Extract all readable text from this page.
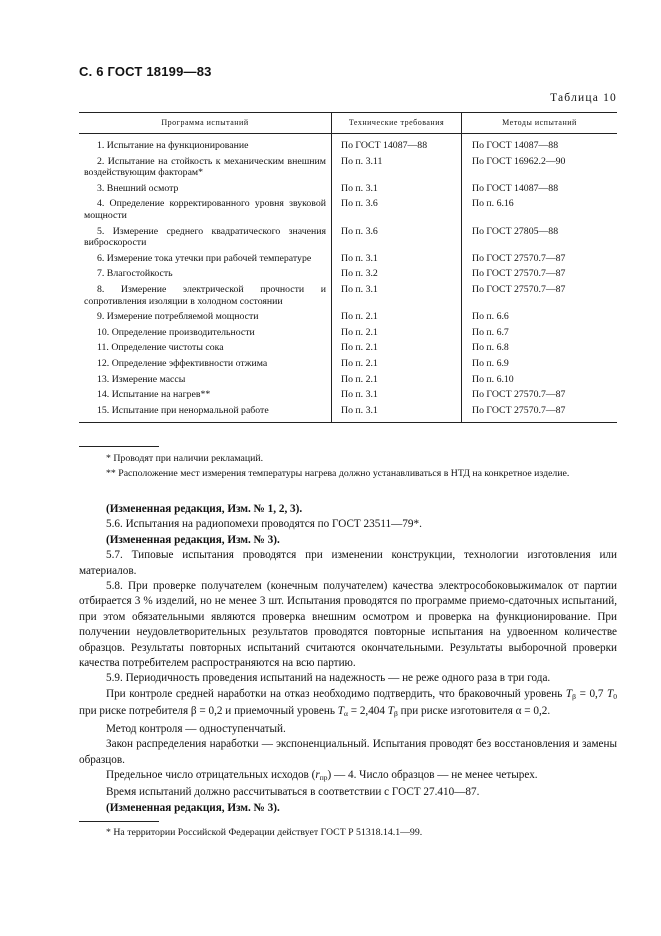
С. 6 ГОСТ 18199—83
Таблица 10
Программа испытаний	Технические требования	Методы испытаний
1. Испытание на функционирование	По ГОСТ 14087—88	По ГОСТ 14087—88
2. Испытание на стойкость к механическим внешним воздействующим факторам*	По п. 3.11	По ГОСТ 16962.2—90
3. Внешний осмотр	По п. 3.1	По ГОСТ 14087—88
4. Определение корректированного уровня звуковой мощности	По п. 3.6	По п. 6.16
5. Измерение среднего квадратического значения виброскорости	По п. 3.6	По ГОСТ 27805—88
6. Измерение тока утечки при рабочей температуре	По п. 3.1	По ГОСТ 27570.7—87
7. Влагостойкость	По п. 3.2	По ГОСТ 27570.7—87
8. Измерение электрической прочности и сопротивления изоляции в холодном состоянии	По п. 3.1	По ГОСТ 27570.7—87
9. Измерение потребляемой мощности	По п. 2.1	По п. 6.6
10. Определение производительности	По п. 2.1	По п. 6.7
11. Определение чистоты сока	По п. 2.1	По п. 6.8
12. Определение эффективности отжима	По п. 2.1	По п. 6.9
13. Измерение массы	По п. 2.1	По п. 6.10
14. Испытание на нагрев**	По п. 3.1	По ГОСТ 27570.7—87
15. Испытание при ненормальной работе	По п. 3.1	По ГОСТ 27570.7—87

* Проводят при наличии рекламаций.

** Расположение мест измерения температуры нагрева должно устанавливаться в НТД на конкретное изделие.

(Измененная редакция, Изм. № 1, 2, 3).

5.6. Испытания на радиопомехи проводятся по ГОСТ 23511—79*.

(Измененная редакция, Изм. № 3).

5.7. Типовые испытания проводятся при изменении конструкции, технологии изготовления или материалов.

5.8. При проверке получателем (конечным получателем) качества электрособоковыжималок от партии отбирается 3 % изделий, но не менее 3 шт. Испытания проводятся по программе приемо-сдаточных испытаний, при этом обязательными являются проверка внешним осмотром и проверка на функционирование. При получении неудовлетворительных результатов проводятся повторные испытания на удвоенном количестве образцов. Результаты повторных испытаний считаются окончательными. Результаты выборочной проверки качества потребителем распространяются на всю партию.

5.9. Периодичность проведения испытаний на надежность — не реже одного раза в три года.

При контроле средней наработки на отказ необходимо подтвердить, что браковочный уровень $T_\beta = 0,7$ $T_0$ при риске потребителя β = 0,2 и приемочный уровень $T_\alpha = 2,404$ $T_\beta$ при риске изготовителя α = 0,2.

Метод контроля — одноступенчатый.

Закон распределения наработки — экспоненциальный. Испытания проводят без восстановления и замены образцов.

Предельное число отрицательных исходов $(r_{пр})$ — 4. Число образцов — не менее четырех.

Время испытаний должно рассчитываться в соответствии с ГОСТ 27.410—87.

(Измененная редакция, Изм. № 3).

* На территории Российской Федерации действует ГОСТ Р 51318.14.1—99.
